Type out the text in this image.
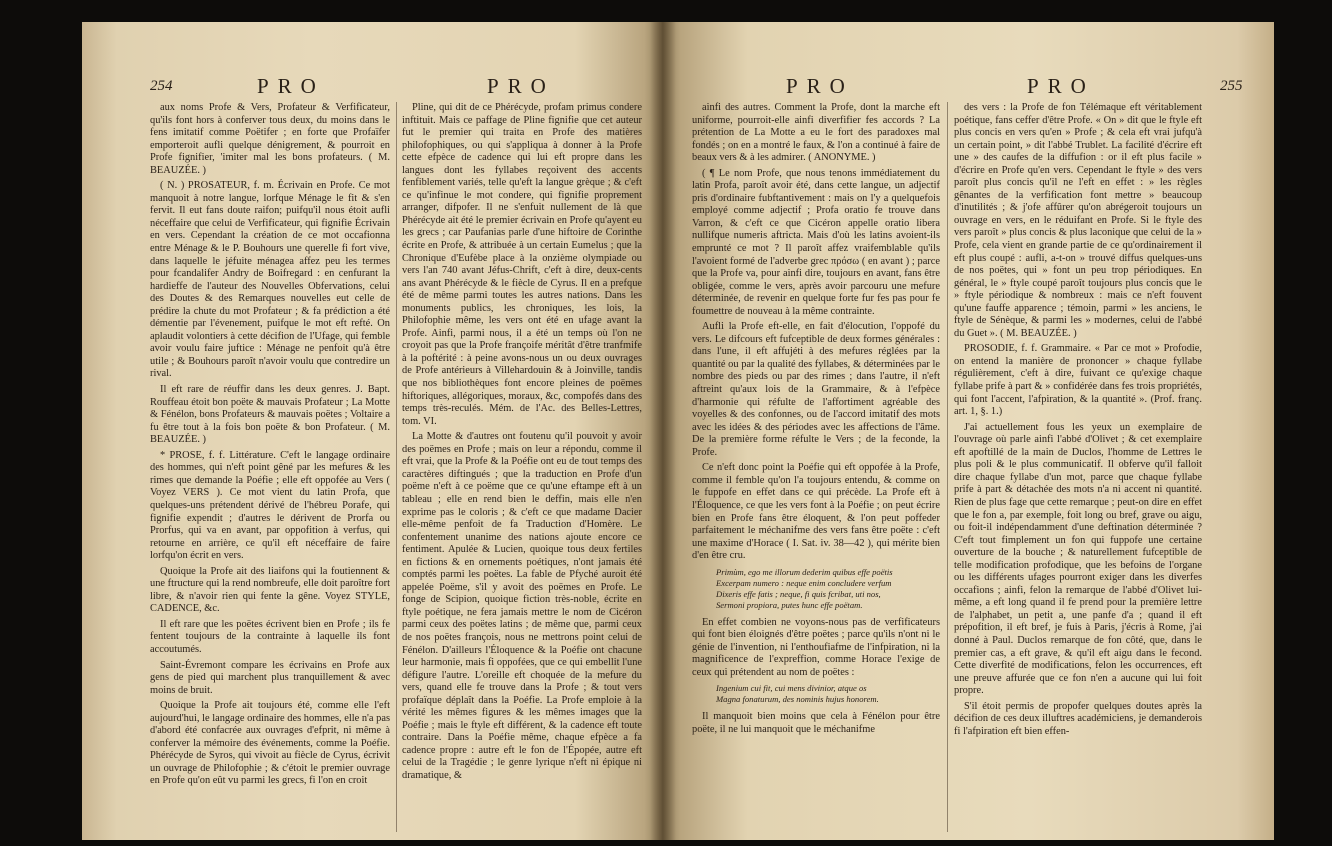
254	PRO	PRO

aux noms Profe & Vers, Profateur & Verfificateur, qu'ils font hors à conferver tous deux, du moins dans le fens imitatif comme Poëtifer ; en forte que Profaïfer emporteroit aufli quelque dénigrement, & pourroit en Profe fignifier, 'imiter mal les bons profateurs. ( M. BEAUZÉE. )

( N. ) PROSATEUR, f. m. Écrivain en Profe. Ce mot manquoit à notre langue, lorfque Ménage le fit & s'en fervit. Il eut fans doute raifon; puifqu'il nous étoit aufli néceffaire que celui de Verfificateur, qui fignifie Écrivain en vers. Cependant la création de ce mot occafionna entre Ménage & le P. Bouhours une querelle fi fort vive, dans laquelle le jéfuite ménagea affez peu les termes pour fcandalifer Andry de Boifregard : en cenfurant la hardieffe de l'auteur des Nouvelles Obfervations, celui des Doutes & des Remarques nouvelles eut celle de prédire la chute du mot Profateur ; & fa prédiction a été démentie par l'évenement, puifque le mot eft refté. On aplaudit volontiers à cette décifion de l'Ufage, qui femble avoir voulu faire juftice : Ménage ne penfoit qu'à être utile ; & Bouhours paroît n'avoir voulu que contredire un rival.

Il eft rare de réuffir dans les deux genres. J. Bapt. Rouffeau étoit bon poëte & mauvais Profateur ; La Motte & Fénélon, bons Profateurs & mauvais poëtes ; Voltaire a fu être tout à la fois bon poëte & bon Profateur. ( M. BEAUZÉE. )

* PROSE, f. f. Littérature. C'eft le langage ordinaire des hommes, qui n'eft point gêné par les mefures & les rimes que demande la Poéfie ; elle eft oppofée au Vers ( Voyez VERS ). Ce mot vient du latin Profa, que quelques-uns prétendent dérivé de l'hébreu Porafe, qui fignifie expendit ; d'autres le dérivent de Prorfa ou Prorfus, qui va en avant, par oppofition à verfus, qui retourne en arrière, ce qu'il eft néceffaire de faire lorfqu'on écrit en vers.

Quoique la Profe ait des liaifons qui la foutiennent & une ftructure qui la rend nombreufe, elle doit paroître fort libre, & n'avoir rien qui fente la gêne. Voyez STYLE, CADENCE, &c.

Il eft rare que les poëtes écrivent bien en Profe ; ils fe fentent toujours de la contrainte à laquelle ils font accoutumés.

Saint-Évremont compare les écrivains en Profe aux gens de pied qui marchent plus tranquillement & avec moins de bruit.

Quoique la Profe ait toujours été, comme elle l'eft aujourd'hui, le langage ordinaire des hommes, elle n'a pas d'abord été confacrée aux ouvrages d'efprit, ni même à conferver la mémoire des événements, comme la Poéfie. Phérécyde de Syros, qui vivoit au fiècle de Cyrus, écrivit un ouvrage de Philofophie ; & c'étoit le premier ouvrage en Profe qu'on eût vu parmi les grecs, fi l'on en croit

Pline, qui dit de ce Phérécyde, profam primus condere inftituit. Mais ce paffage de Pline fignifie que cet auteur fut le premier qui traita en Profe des matières philofophiques, ou qui s'appliqua à donner à la Profe cette efpèce de cadence qui lui eft propre dans les langues dont les fyllabes reçoivent des accents fenfiblement variés, telle qu'eft la langue grèque ; & c'eft ce qu'infinue le mot condere, qui fignifie proprement arranger, difpofer. Il ne s'enfuit nullement de là que Phérécyde ait été le premier écrivain en Profe qu'ayent eu les grecs ; car Paufanias parle d'une hiftoire de Corinthe écrite en Profe, & attribuée à un certain Eumelus ; que la Chronique d'Eufèbe place à la onzième olympiade ou vers l'an 740 avant Jéfus-Chrift, c'eft à dire, deux-cents ans avant Phérécyde & le fiècle de Cyrus. Il en a prefque été de même parmi toutes les autres nations. Dans les monuments publics, les chroniques, les lois, la Philofophie même, les vers ont été en ufage avant la Profe. Ainfi, parmi nous, il a été un temps où l'on ne croyoit pas que la Profe françoife méritât d'être tranfmife à la poftérité : à peine avons-nous un ou deux ouvrages de Profe antérieurs à Villehardouin & à Joinville, tandis que nos bibliothèques font encore pleines de poëmes hiftoriques, allégoriques, moraux, &c, compofés dans des temps très-reculés. Mém. de l'Ac. des Belles-Lettres, tom. VI.

La Motte & d'autres ont foutenu qu'il pouvoit y avoir des poëmes en Profe ; mais on leur a répondu, comme il eft vrai, que la Profe & la Poéfie ont eu de tout temps des caractères diftingués ; que la traduction en Profe d'un poëme n'eft à ce poëme que ce qu'une eftampe eft à un tableau ; elle en rend bien le deffin, mais elle n'en exprime pas le coloris ; & c'eft ce que madame Dacier elle-même penfoit de fa Traduction d'Homère. Le confentement unanime des nations ajoute encore ce fentiment. Apulée & Lucien, quoique tous deux fertiles en fictions & en ornements poétiques, n'ont jamais été comptés parmi les poëtes. La fable de Pfyché auroit été appelée Poëme, s'il y avoit des poëmes en Profe. Le fonge de Scipion, quoique fiction très-noble, écrite en ftyle poétique, ne fera jamais mettre le nom de Cicéron parmi ceux des poëtes latins ; de même que, parmi ceux de nos poëtes françois, nous ne mettrons point celui de Fénélon. D'ailleurs l'Éloquence & la Poéfie ont chacune leur harmonie, mais fi oppofées, que ce qui embellit l'une défigure l'autre. L'oreille eft choquée de la mefure du vers, quand elle fe trouve dans la Profe ; & tout vers profaïque déplaît dans la Poéfie. La Profe emploie à la vérité les mêmes figures & les mêmes images que la Poéfie ; mais le ftyle eft différent, & la cadence eft toute contraire. Dans la Poéfie même, chaque efpèce a fa cadence propre : autre eft le fon de l'Épopée, autre eft celui de la Tragédie ; le genre lyrique n'eft ni épique ni dramatique, &

PRO	PRO	255

ainfi des autres. Comment la Profe, dont la marche eft uniforme, pourroit-elle ainfi diverfifier fes accords ? La prétention de La Motte a eu le fort des paradoxes mal fondés ; on en a montré le faux, & l'on a continué à faire de beaux vers & à les admirer. ( ANONYME. )

( ¶ Le nom Profe, que nous tenons immédiatement du latin Profa, paroît avoir été, dans cette langue, un adjectif pris d'ordinaire fubftantivement : mais on l'y a quelquefois employé comme adjectif ; Profa oratio fe trouve dans Varron, & c'eft ce que Cicéron appelle oratio libera nullifque numeris aftricta. Mais d'où les latins avoient-ils emprunté ce mot ? Il paroît affez vraifemblable qu'ils l'avoient formé de l'adverbe grec πρόσω ( en avant ) ; parce que la Profe va, pour ainfi dire, toujours en avant, fans être obligée, comme le vers, après avoir parcouru une mefure déterminée, de revenir en quelque forte fur fes pas pour fe foumettre de nouveau à la même contrainte.

Aufli la Profe eft-elle, en fait d'élocution, l'oppofé du vers. Le difcours eft fufceptible de deux formes générales : dans l'une, il eft affujéti à des mefures réglées par la quantité ou par la qualité des fyllabes, & déterminées par le nombre des pieds ou par des rimes ; dans l'autre, il n'eft aftreint qu'aux lois de la Grammaire, & à l'efpèce d'harmonie qui réfulte de l'affortiment agréable des voyelles & des confonnes, ou de l'accord imitatif des mots avec les idées & des périodes avec les affections de l'âme. De la première forme réfulte le Vers ; de la feconde, la Profe.

Ce n'eft donc point la Poéfie qui eft oppofée à la Profe, comme il femble qu'on l'a toujours entendu, & comme on le fuppofe en effet dans ce qui précède. La Profe eft à l'Éloquence, ce que les vers font à la Poéfie ; on peut écrire bien en Profe fans être éloquent, & l'on peut poffeder parfaitement le méchanifme des vers fans être poëte : c'eft une maxime d'Horace ( I. Sat. iv. 38—42 ), qui mérite bien d'en être cru.

Primùm, ego me illorum dederim quibus effe poëtis
Excerpam numero : neque enim concludere verfum
Dixeris effe fatis ; neque, fi quis fcribat, uti nos,
Sermoni propiora, putes hunc effe poëtam.

En effet combien ne voyons-nous pas de verfificateurs qui font bien éloignés d'être poëtes ; parce qu'ils n'ont ni le génie de l'invention, ni l'enthoufiafme de l'infpiration, ni la magnificence de l'expreffion, comme Horace l'exige de ceux qui prétendent au nom de poëtes :

Ingenium cui fit, cui mens divinior, atque os
Magna fonaturum, des nominis hujus honorem.

Il manquoit bien moins que cela à Fénélon pour être poëte, il ne lui manquoit que le méchanifme

des vers : la Profe de fon Télémaque eft véritablement poétique, fans ceffer d'être Profe. « On » dit que le ftyle eft plus concis en vers qu'en » Profe ; & cela eft vrai jufqu'à un certain point, » dit l'abbé Trublet. La facilité d'écrire eft une » des caufes de la diffufion : or il eft plus facile » d'écrire en Profe qu'en vers. Cependant le ftyle » des vers paroît plus concis qu'il ne l'eft en effet : » les règles gênantes de la verfification font mettre » beaucoup d'inutilités ; & j'ofe affûrer qu'on abrégeroit toujours un ouvrage en vers, en le réduifant en Profe. Si le ftyle des vers paroît » plus concis & plus laconique que celui de la » Profe, cela vient en grande partie de ce qu'ordinairement il eft plus coupé : aufli, a-t-on » trouvé diffus quelques-uns de nos poëtes, qui » font un peu trop périodiques. En général, le » ftyle coupé paroît toujours plus concis que le » ftyle périodique & nombreux : mais ce n'eft fouvent qu'une fauffe apparence ; témoin, parmi » les anciens, le ftyle de Sénèque, & parmi les » modernes, celui de l'abbé du Guet ». ( M. BEAUZÉE. )

PROSODIE, f. f. Grammaire. « Par ce mot » Profodie, on entend la manière de prononcer » chaque fyllabe régulièrement, c'eft à dire, fuivant ce qu'exige chaque fyllabe prife à part & » confidérée dans fes trois propriétés, qui font l'accent, l'afpiration, & la quantité ». (Prof. franç. art. 1, §. 1.)

J'ai actuellement fous les yeux un exemplaire de l'ouvrage où parle ainfi l'abbé d'Olivet ; & cet exemplaire eft apoftillé de la main de Duclos, l'homme de Lettres le plus poli & le plus communicatif. Il obferve qu'il falloit dire chaque fyllabe d'un mot, parce que chaque fyllabe prife à part & détachée des mots n'a ni accent ni quantité. Rien de plus fage que cette remarque ; peut-on dire en effet que le fon a, par exemple, foit long ou bref, grave ou aigu, ou foit-il indépendamment d'une deftination déterminée ? C'eft tout fimplement un fon qui fuppofe une certaine ouverture de la bouche ; & naturellement fufceptible de telle modification profodique, que les befoins de l'organe ou les différents ufages pourront exiger dans les diverfes occafions ; ainfi, felon la remarque de l'abbé d'Olivet lui-même, a eft long quand il fe prend pour la première lettre de l'alphabet, un petit a, une panfe d'a ; quand il eft prépofition, il eft bref, je fuis à Paris, j'écris à Rome, j'ai donné à Paul. Duclos remarque de fon côté, que, dans le premier cas, a eft grave, & qu'il eft aigu dans le fecond. Cette diverfité de modifications, felon les occurrences, eft une preuve affurée que ce fon n'en a aucune qui lui foit propre.

S'il étoit permis de propofer quelques doutes après la décifion de ces deux illuftres académiciens, je demanderois fi l'afpiration eft bien effen-
